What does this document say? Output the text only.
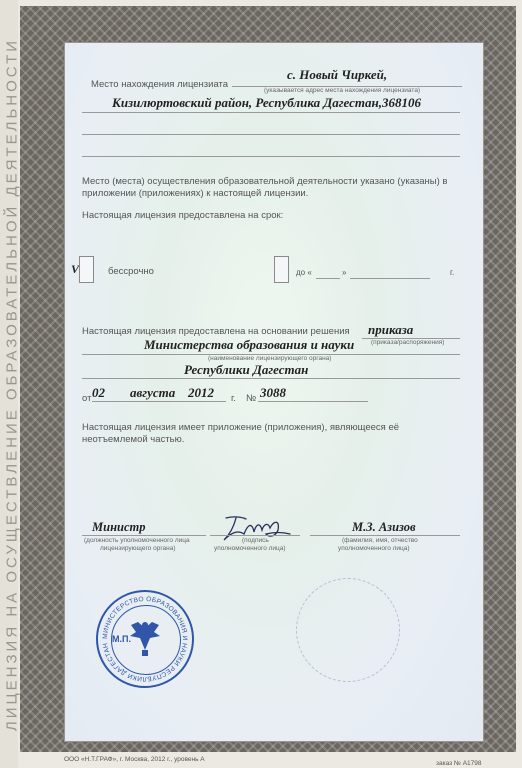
ЛИЦЕНЗИЯ НА ОСУЩЕСТВЛЕНИЕ ОБРАЗОВАТЕЛЬНОЙ ДЕЯТЕЛЬНОСТИ	Место нахождения лицензиата
с. Новый Чиркей,
(указывается адрес места нахождения лицензиата)
Кизилюртовский район, Республика Дагестан,368106
Место (места) осуществления образовательной деятельности указано (указаны) в приложении (приложениях) к настоящей лицензии.
Настоящая лицензия предоставлена на срок:
V	бессрочно	до «	»	г.
Настоящая лицензия предоставлена на основании решения приказа
(приказа/распоряжения)
Министерства образования и науки
(наименование лицензирующего органа)
Республики Дагестан
от 02 августа 2012 г. № 3088
Настоящая лицензия имеет приложение (приложения), являющееся её неотъемлемой частью.
Министр
(должность уполномоченного лица
лицензирующего органа)
(подпись
уполномоченного лица)
М.З. Азизов
(фамилия, имя, отчество
уполномоченного лица)
МИНИСТЕРСТВО ОБРАЗОВАНИЯ И НАУКИ РЕСПУБЛИКИ ДАГЕСТАН
М.П.
ООО «Н.Т.ГРАФ», г. Москва, 2012 г., уровень А
заказ № А1798
